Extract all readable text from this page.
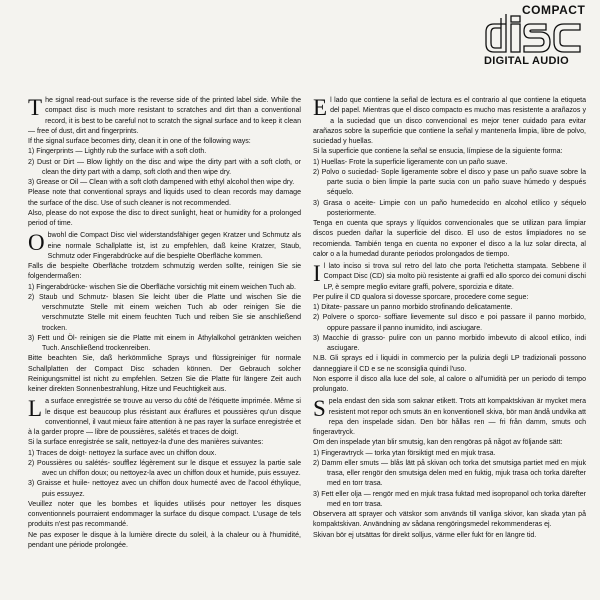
COMPACT
DIGITAL AUDIO

The signal read-out surface is the reverse side of the printed label side. While the compact disc is much more resistant to scratches and dirt than a conventional record, it is best to be careful not to scratch the signal surface and to keep it clean — free of dust, dirt and fingerprints.

If the signal surface becomes dirty, clean it in one of the following ways:

1) Fingerprints — Lightly rub the surface with a soft cloth.

2) Dust or Dirt — Blow lightly on the disc and wipe the dirty part with a soft cloth, or clean the dirty part with a damp, soft cloth and then wipe dry.

3) Grease or Oil — Clean with a soft cloth dampened with ethyl alcohol then wipe dry.

Please note that conventional sprays and liquids used to clean records may damage the surface of the disc. Use of such cleaner is not recommended.

Also, please do not expose the disc to direct sunlight, heat or humidity for a prolonged period of time.

Obwohl die Compact Disc viel widerstandsfähiger gegen Kratzer und Schmutz als eine normale Schallplatte ist, ist zu empfehlen, daß keine Kratzer, Staub, Schmutz oder Fingerabdrücke auf die bespielte Oberfläche kommen.

Falls die bespielte Oberfläche trotzdem schmutzig werden sollte, reinigen Sie sie folgendermaßen:

1) Fingerabdrücke- wischen Sie die Oberfläche vorsichtig mit einem weichen Tuch ab.

2) Staub und Schmutz- blasen Sie leicht über die Platte und wischen Sie die verschmutzte Stelle mit einem weichen Tuch ab oder reinigen Sie die verschmutzte Stelle mit einem feuchten Tuch und reiben Sie sie anschließend trocken.

3) Fett und Öl- reinigen sie die Platte mit einem in Äthylalkohol getränkten weichen Tuch. Anschließend trockenreiben.

Bitte beachten Sie, daß herkömmliche Sprays und flüssigreiniger für normale Schallplatten der Compact Disc schaden können. Der Gebrauch solcher Reinigungsmittel ist nicht zu empfehlen. Setzen Sie die Platte für längere Zeit auch keiner direkten Sonnenbestrahlung, Hitze und Feuchtigkeit aus.

La surface enregistrée se trouve au verso du côté de l'étiquette imprimée. Même si le disque est beaucoup plus résistant aux éraflures et poussières qu'un disque conventionnel, il vaut mieux faire attention à ne pas rayer la surface enregistrée et à la garder propre — libre de poussières, salétés et traces de doigt.

Si la surface enregistrée se salit, nettoyez-la d'une des manières suivantes:

1) Traces de doigt- nettoyez la surface avec un chiffon doux.

2) Poussières ou salétés- soufflez légèrement sur le disque et essuyez la partie sale avec un chiffon doux; ou nettoyez-la avec un chiffon doux et humide, puis essuyez.

3) Graisse et huile- nettoyez avec un chiffon doux humecté avec de l'acool éthylique, puis essuyez.

Veuillez noter que les bombes et liquides utilisés pour nettoyer les disques conventionnels pourraient endommager la surface du disque compact. L'usage de tels produits n'est pas recommandé.

Ne pas exposer le disque à la lumière directe du soleil, à la chaleur ou à l'humidité, pendant une période prolongée.

El lado que contiene la señal de lectura es el contrario al que contiene la etiqueta del papel. Mientras que el disco compacto es mucho mas resistente a arañazos y a la suciedad que un disco convencional es mejor tener cuidado para evitar arañazos sobre la superficie que contiene la señal y mantenerla limpia, libre de polvo, suciedad y huellas.

Si la superficie que contiene la señal se ensucia, límpiese de la siguiente forma:

1) Huellas- Frote la superficie ligeramente con un paño suave.

2) Polvo o suciedad- Sople ligeramente sobre el disco y pase un paño suave sobre la parte sucia o bien limpie la parte sucia con un paño suave húmedo y después séquelo.

3) Grasa o aceite- Limpie con un paño humedecido en alcohol etílico y séquelo posteriormente.

Tenga en cuenta que sprays y líquidos convencionales que se utilizan para limpiar discos pueden dañar la superficie del disco. El uso de estos limpiadores no se recomienda. También tenga en cuenta no exponer el disco a la luz solar directa, al calor o a la humedad durante periodos prolongados de tiempo.

Il lato inciso si trova sul retro del lato che porta l'etichetta stampata. Sebbene il Compact Disc (CD) sia molto più resistente ai graffi ed allo sporco dei comuni dischi LP, è sempre meglio evitare graffi, polvere, sporcizia e ditate.

Per pulire il CD qualora si dovesse sporcare, procedere come segue:

1) Ditate- passare un panno morbido strofinando delicatamente.

2) Polvere o sporco- soffiare lievemente sul disco e poi passare il panno morbido, oppure passare il panno inumidito, indi asciugare.

3) Macchie di grasso- pulire con un panno morbido imbevuto di alcool etilico, indi asciugare.

N.B. Gli sprays ed i liquidi in commercio per la pulizia degli LP tradizionali possono danneggiare il CD e se ne sconsiglia quindi l'uso.

Non esporre il disco alla luce del sole, al calore o all'umidità per un periodo di tempo prolungato.

Spela endast den sida som saknar etikett. Trots att kompaktskivan är mycket mera resistent mot repor och smuts än en konventionell skiva, bör man ändå undvika att repa den inspelade sidan. Den bör hållas ren — fri från damm, smuts och fingeravtryck.

Om den inspelade ytan blir smutsig, kan den rengöras på något av följande sätt:

1) Fingeravtryck — torka ytan försiktigt med en mjuk trasa.

2) Damm eller smuts — blås lätt på skivan och torka det smutsiga partiet med en mjuk trasa, eller rengör den smutsiga delen med en fuktig, mjuk trasa och torka därefter med en torr trasa.

3) Fett eller olja — rengör med en mjuk trasa fuktad med isopropanol och torka därefter med en torr trasa.

Observera att sprayer och vätskor som används till vanliga skivor, kan skada ytan på kompaktskivan. Användning av sådana rengöringsmedel rekommenderas ej.

Skivan bör ej utsättas för direkt solljus, värme eller fukt för en längre tid.
